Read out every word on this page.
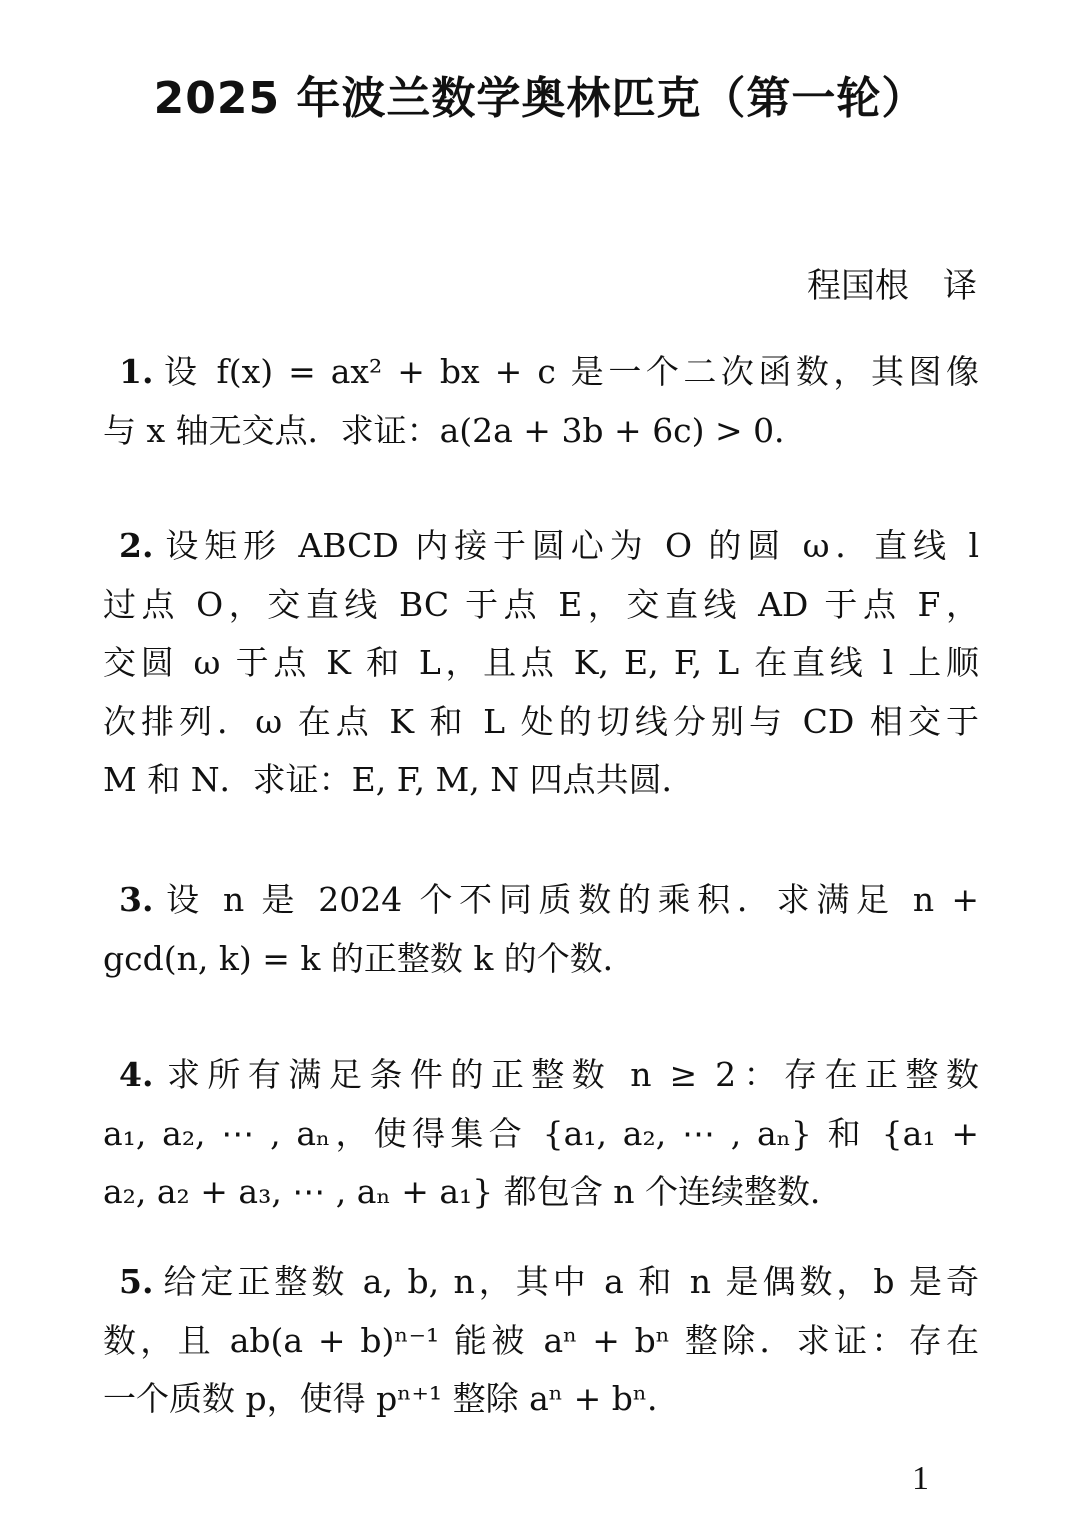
2025 年波兰数学奥林匹克（第一轮）
程国根 译
1. 设 f(x) = ax² + bx + c 是一个二次函数，其图像
与 x 轴无交点．求证：a(2a + 3b + 6c) > 0．
2. 设矩形 ABCD 内接于圆心为 O 的圆 ω．直线 l
过点 O，交直线 BC 于点 E，交直线 AD 于点 F，
交圆 ω 于点 K 和 L，且点 K, E, F, L 在直线 l 上顺
次排列．ω 在点 K 和 L 处的切线分别与 CD 相交于
M 和 N．求证：E, F, M, N 四点共圆．
3. 设 n 是 2024 个不同质数的乘积．求满足 n +
gcd(n, k) = k 的正整数 k 的个数．
4. 求所有满足条件的正整数 n ≥ 2：存在正整数
a₁, a₂, ⋯ , aₙ，使得集合 {a₁, a₂, ⋯ , aₙ} 和 {a₁ +
a₂, a₂ + a₃, ⋯ , aₙ + a₁} 都包含 n 个连续整数．
5. 给定正整数 a, b, n，其中 a 和 n 是偶数，b 是奇
数，且 ab(a + b)ⁿ⁻¹ 能被 aⁿ + bⁿ 整除．求证：存在
一个质数 p，使得 pⁿ⁺¹ 整除 aⁿ + bⁿ．
1
